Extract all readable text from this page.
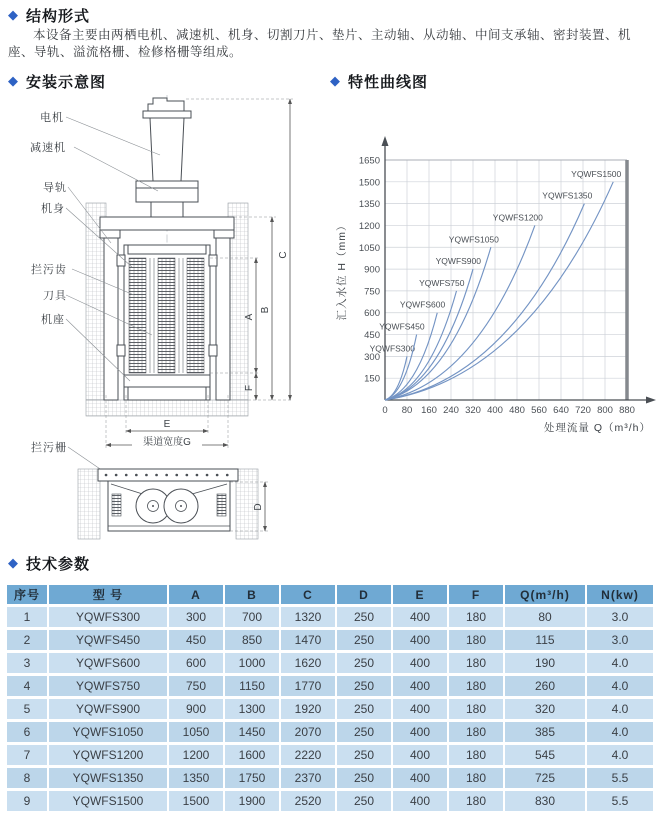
◆ 结构形式
本设备主要由两栖电机、减速机、机身、切割刀片、垫片、主动轴、从动轴、中间支承轴、密封装置、机座、导轨、溢流格栅、检修格栅等组成。
◆ 安装示意图	◆ 特性曲线图
A
F
B
C
E
渠道宽度G
D
电机
减速机
导轨
机身
拦污齿
刀具
机座
拦污栅
0 80 160 240 320 400 480 560 640 720 800 880
150
300
450
600
750
900
1050
1200
1350
1500
1650
处理流量 Q（m³/h）
汇入水位 H（mm）
YQWFS300
YQWFS450
YQWFS600
YQWFS750
YQWFS900
YQWFS1050
YQWFS1200
YQWFS1350
YQWFS1500
◆ 技术参数
序号	型 号	A	B	C	D	E	F	Q(m³/h)	N(kw)
1	YQWFS300	300	700	1320	250	400	180	80	3.0
2	YQWFS450	450	850	1470	250	400	180	115	3.0
3	YQWFS600	600	1000	1620	250	400	180	190	4.0
4	YQWFS750	750	1150	1770	250	400	180	260	4.0
5	YQWFS900	900	1300	1920	250	400	180	320	4.0
6	YQWFS1050	1050	1450	2070	250	400	180	385	4.0
7	YQWFS1200	1200	1600	2220	250	400	180	545	4.0
8	YQWFS1350	1350	1750	2370	250	400	180	725	5.5
9	YQWFS1500	1500	1900	2520	250	400	180	830	5.5
